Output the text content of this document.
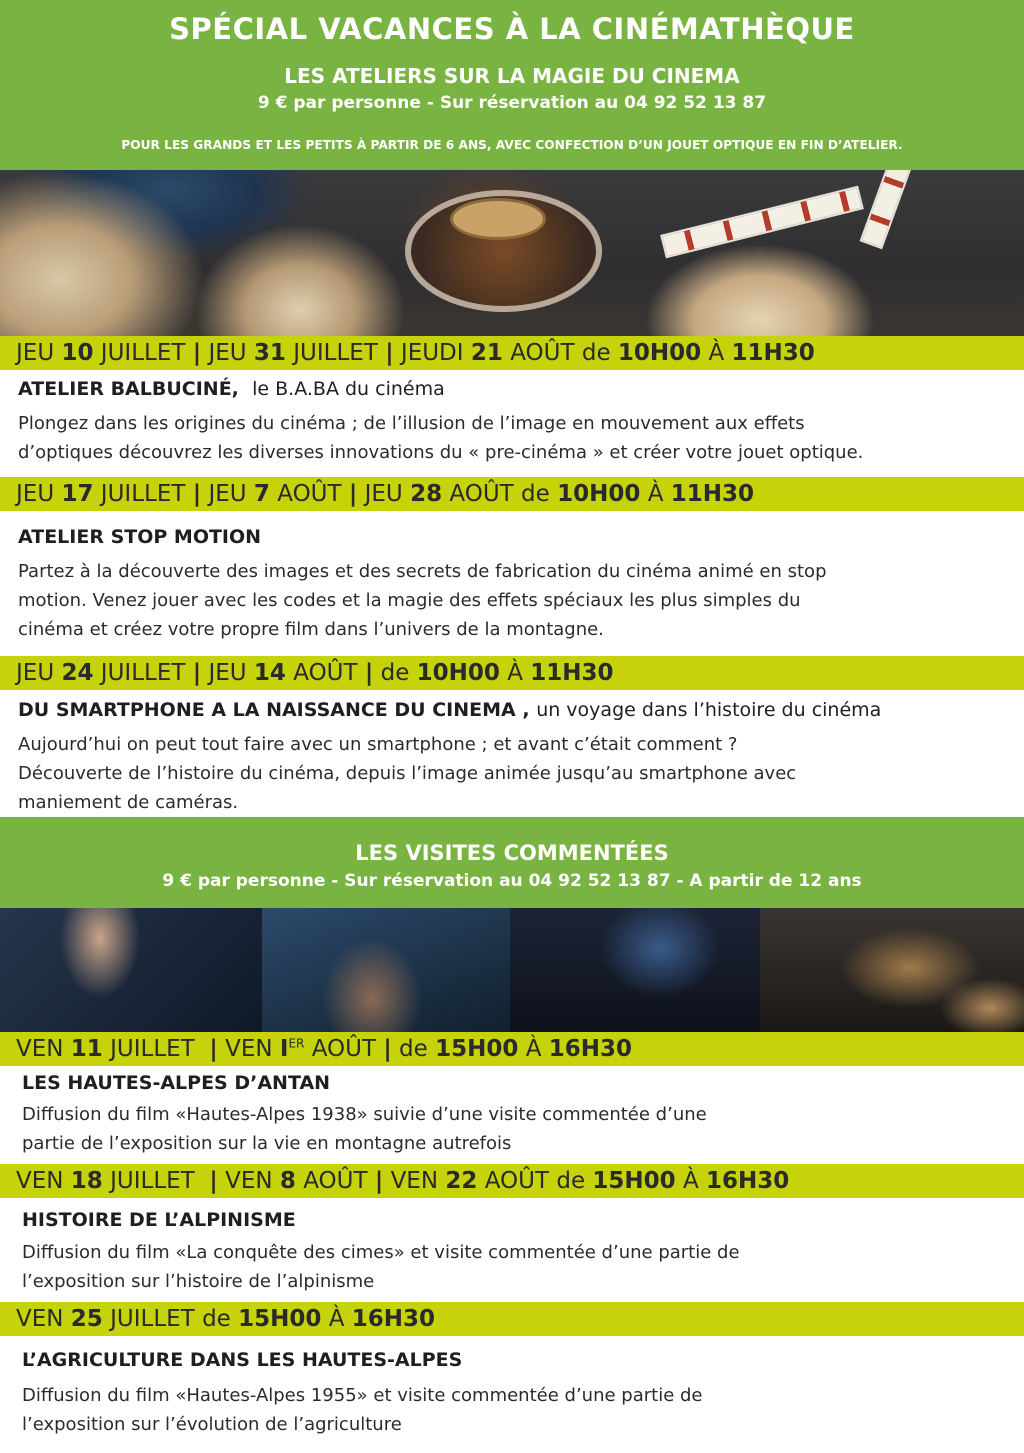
SPÉCIAL VACANCES À LA CINÉMATHÈQUE
LES ATELIERS SUR LA MAGIE DU CINEMA
9 € par personne - Sur réservation au 04 92 52 13 87
POUR LES GRANDS ET LES PETITS À PARTIR DE 6 ANS, AVEC CONFECTION D’UN JOUET OPTIQUE EN FIN D’ATELIER.
JEU 10 JUILLET | JEU 31 JUILLET | JEUDI 21 AOÛT de 10H00 À 11H30
ATELIER BALBUCINÉ, le B.A.BA du cinéma
Plongez dans les origines du cinéma ; de l’illusion de l’image en mouvement aux effets
d’optiques découvrez les diverses innovations du « pre-cinéma » et créer votre jouet optique.
JEU 17 JUILLET | JEU 7 AOÛT | JEU 28 AOÛT de 10H00 À 11H30
ATELIER STOP MOTION
Partez à la découverte des images et des secrets de fabrication du cinéma animé en stop
motion. Venez jouer avec les codes et la magie des effets spéciaux les plus simples du
cinéma et créez votre propre film dans l’univers de la montagne.
JEU 24 JUILLET | JEU 14 AOÛT | de 10H00 À 11H30
DU SMARTPHONE A LA NAISSANCE DU CINEMA , un voyage dans l’histoire du cinéma
Aujourd’hui on peut tout faire avec un smartphone ; et avant c’était comment ?
Découverte de l’histoire du cinéma, depuis l’image animée jusqu’au smartphone avec
maniement de caméras.
LES VISITES COMMENTÉES
9 € par personne - Sur réservation au 04 92 52 13 87 - A partir de 12 ans
VEN 11 JUILLET | VEN IER AOÛT | de 15H00 À 16H30
LES HAUTES-ALPES D’ANTAN
Diffusion du film «Hautes-Alpes 1938» suivie d’une visite commentée d’une
partie de l’exposition sur la vie en montagne autrefois
VEN 18 JUILLET | VEN 8 AOÛT | VEN 22 AOÛT de 15H00 À 16H30
HISTOIRE DE L’ALPINISME
Diffusion du film «La conquête des cimes» et visite commentée d’une partie de
l’exposition sur l’histoire de l’alpinisme
VEN 25 JUILLET de 15H00 À 16H30
L’AGRICULTURE DANS LES HAUTES-ALPES
Diffusion du film «Hautes-Alpes 1955» et visite commentée d’une partie de
l’exposition sur l’évolution de l’agriculture
